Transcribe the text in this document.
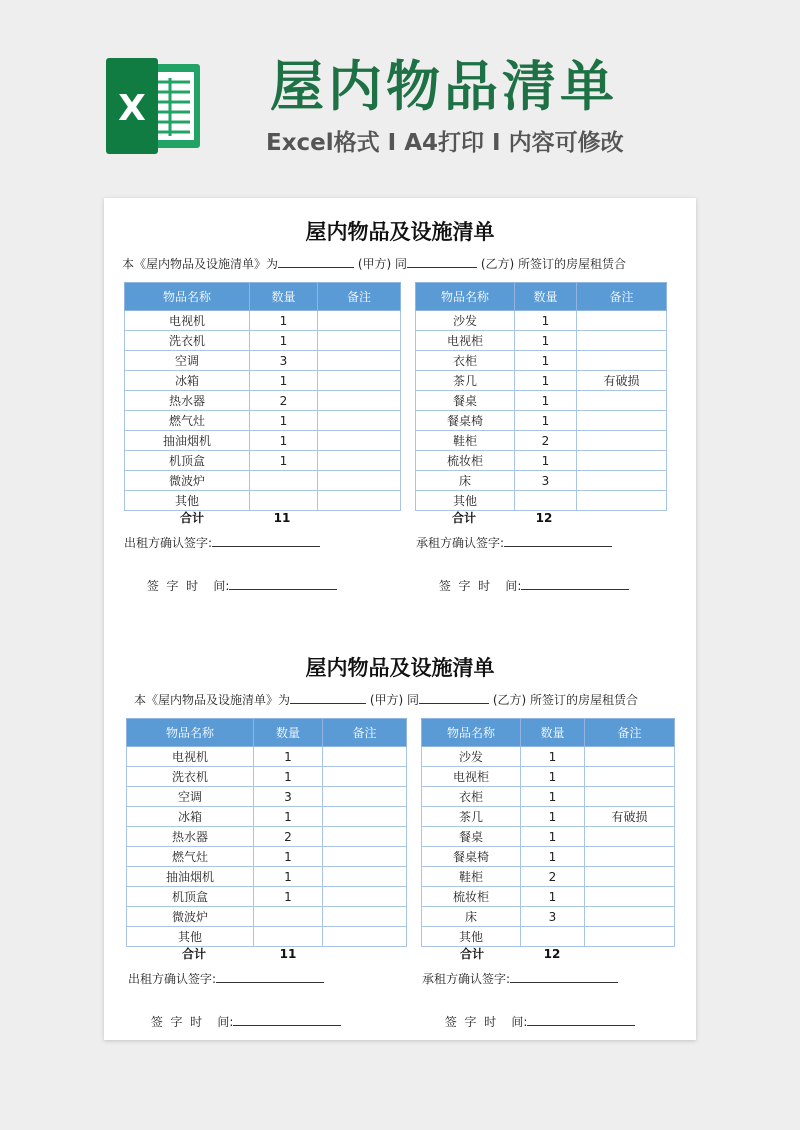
X 屋内物品清单
Excel格式 I A4打印 I 内容可修改
屋内物品及设施清单
本《屋内物品及设施清单》为	(甲方) 同	(乙方) 所签订的房屋租赁合
物品名称	数量	备注
电视机	1	
洗衣机	1	
空调	3	
冰箱	1	
热水器	2	
燃气灶	1	
抽油烟机	1	
机顶盒	1	
微波炉		
其他		
物品名称	数量	备注
沙发	1	
电视柜	1	
衣柜	1	
茶几	1	有破损
餐桌	1	
餐桌椅	1	
鞋柜	2	
梳妆柜	1	
床	3	
其他		
合计	11	合计	12
出租方确认签字:	承租方确认签字:

签  字  时    间:
	签  字  时    间:

屋内物品及设施清单
本《屋内物品及设施清单》为	(甲方) 同	(乙方) 所签订的房屋租赁合
物品名称	数量	备注
电视机	1	
洗衣机	1	
空调	3	
冰箱	1	
热水器	2	
燃气灶	1	
抽油烟机	1	
机顶盒	1	
微波炉		
其他		
物品名称	数量	备注
沙发	1	
电视柜	1	
衣柜	1	
茶几	1	有破损
餐桌	1	
餐桌椅	1	
鞋柜	2	
梳妆柜	1	
床	3	
其他		
合计	11	合计	12
出租方确认签字:	承租方确认签字:

签  字  时    间:
	签  字  时    间:
